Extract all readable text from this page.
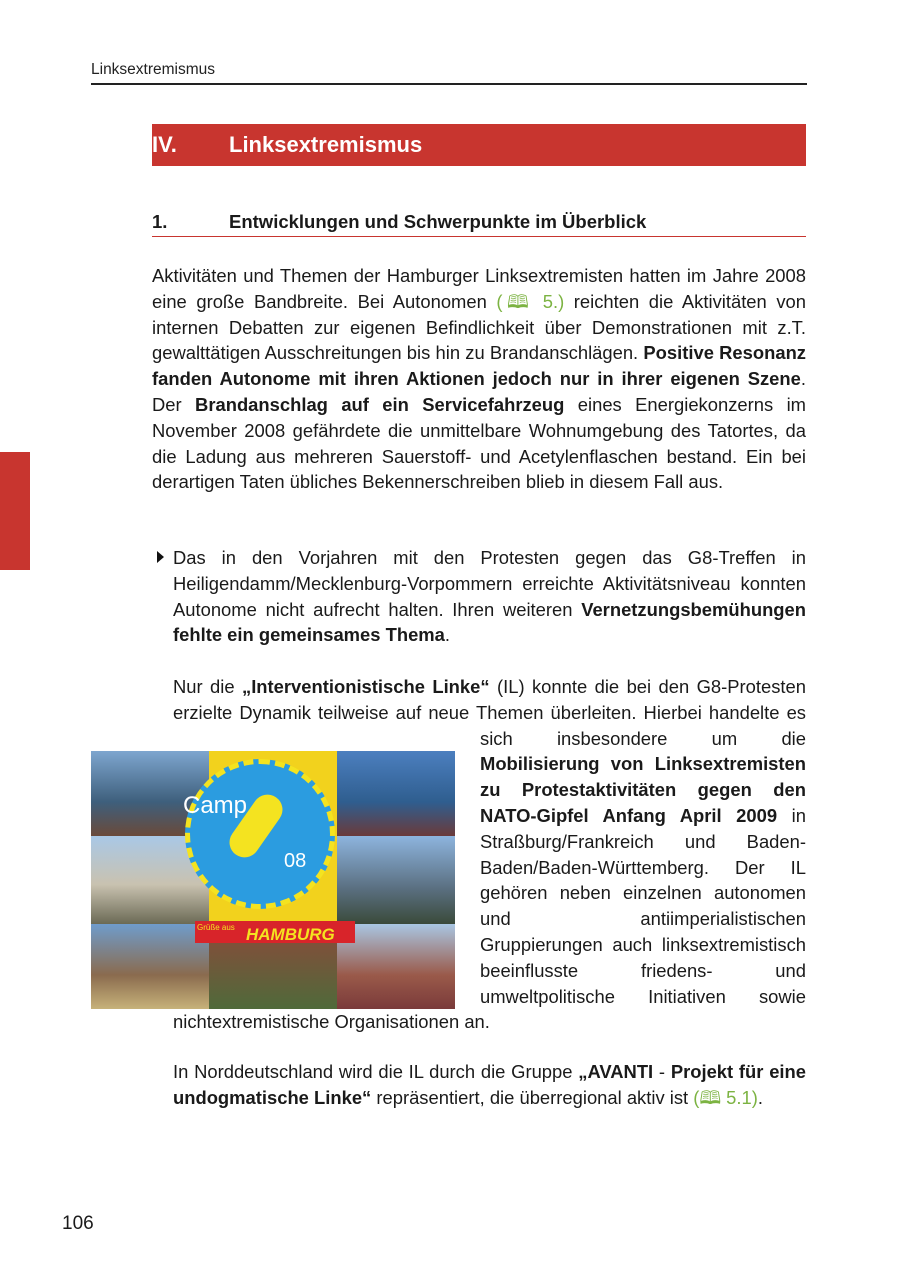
Linksextremismus
IV. Linksextremismus
1.	Entwicklungen und Schwerpunkte im Überblick
Aktivitäten und Themen der Hamburger Linksextremisten hatten im Jahre 2008 eine große Bandbreite. Bei Autonomen (🕮 5.) reichten die Aktivitäten von internen Debatten zur eigenen Befindlichkeit über Demonstrationen mit z.T. gewalttätigen Ausschreitungen bis hin zu Brandanschlägen. Positive Resonanz fanden Autonome mit ihren Aktionen jedoch nur in ihrer eigenen Szene. Der Brandanschlag auf ein Servicefahrzeug eines Energiekonzerns im November 2008 gefährdete die unmittelbare Wohnumgebung des Tatortes, da die Ladung aus mehreren Sauerstoff- und Acetylenflaschen bestand. Ein bei derartigen Taten übliches Bekennerschreiben blieb in diesem Fall aus.
Das in den Vorjahren mit den Protesten gegen das G8-Treffen in Heiligendamm/Mecklenburg-Vorpommern erreichte Aktivitätsniveau konnten Autonome nicht aufrecht halten. Ihren weiteren Vernetzungsbemühungen fehlte ein gemeinsames Thema.
Camp
08
Grüße aus HAMBURG
Nur die „Interventionistische Linke“ (IL) konnte die bei den G8-Protesten erzielte Dynamik teilweise auf neue Themen überleiten. Hierbei handelte es sich insbesondere um die Mobilisierung von Linksextremisten zu Protestaktivitäten gegen den NATO-Gipfel Anfang April 2009 in Straßburg/Frankreich und Baden-Baden/Baden-Württemberg. Der IL gehören neben einzelnen autonomen und antiimperialistischen Gruppierungen auch linksextremistisch beeinflusste friedens- und umweltpolitische Initiativen sowie nichtextremistische Organisationen an.
In Norddeutschland wird die IL durch die Gruppe „AVANTI - Projekt für eine undogmatische Linke“ repräsentiert, die überregional aktiv ist (🕮 5.1).
106
